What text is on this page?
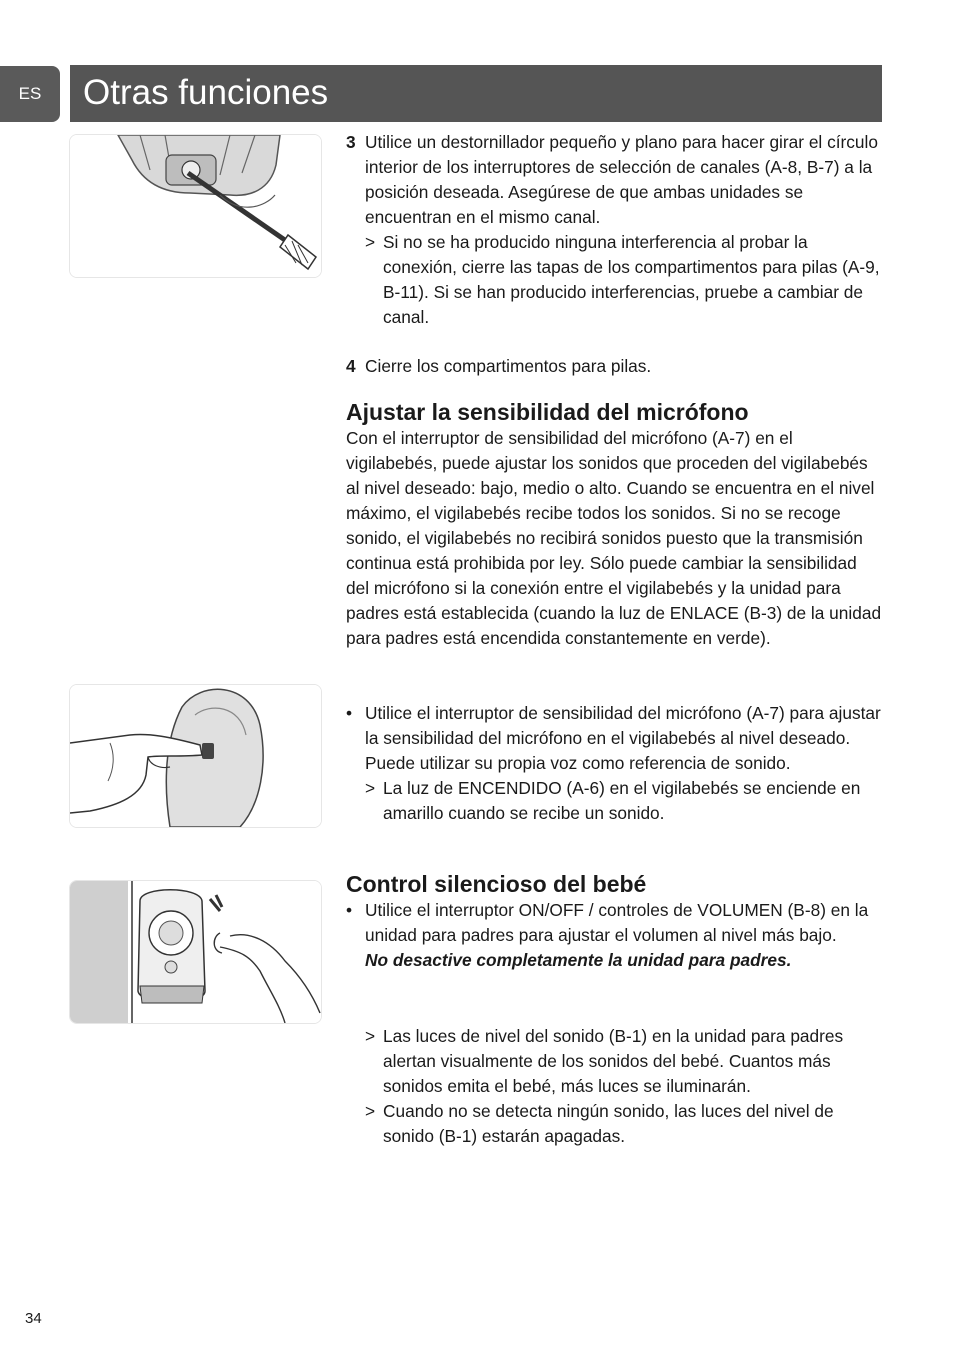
ES	Otras funciones
3 Utilice un destornillador pequeño y plano para hacer girar el círculo interior de los interruptores de selección de canales (A-8, B-7) a la posición deseada. Asegúrese de que ambas unidades se encuentran en el mismo canal.

> Si no se ha producido ninguna interferencia al probar la conexión, cierre las tapas de los compartimentos para pilas (A-9, B-11). Si se han producido interferencias, pruebe a cambiar de canal.

4 Cierre los compartimentos para pilas.

Ajustar la sensibilidad del micrófono

Con el interruptor de sensibilidad del micrófono (A-7) en el vigilabebés, puede ajustar los sonidos que proceden del vigilabebés al nivel deseado: bajo, medio o alto. Cuando se encuentra en el nivel máximo, el vigilabebés recibe todos los sonidos. Si no se recoge sonido, el vigilabebés no recibirá sonidos puesto que la transmisión continua está prohibida por ley. Sólo puede cambiar la sensibilidad del micrófono si la conexión entre el vigilabebés y la unidad para padres está establecida (cuando la luz de ENLACE (B-3) de la unidad para padres está encendida constantemente en verde).

• Utilice el interruptor de sensibilidad del micrófono (A-7) para ajustar la sensibilidad del micrófono en el vigilabebés al nivel deseado. Puede utilizar su propia voz como referencia de sonido.

> La luz de ENCENDIDO (A-6) en el vigilabebés se enciende en amarillo cuando se recibe un sonido.

Control silencioso del bebé
• Utilice el interruptor ON/OFF / controles de VOLUMEN (B-8) en la unidad para padres para ajustar el volumen al nivel más bajo.

No desactive completamente la unidad para padres.

> Las luces de nivel del sonido (B-1) en la unidad para padres alertan visualmente de los sonidos del bebé. Cuantos más sonidos emita el bebé, más luces se iluminarán.

> Cuando no se detecta ningún sonido, las luces del nivel de sonido (B-1) estarán apagadas.

34
